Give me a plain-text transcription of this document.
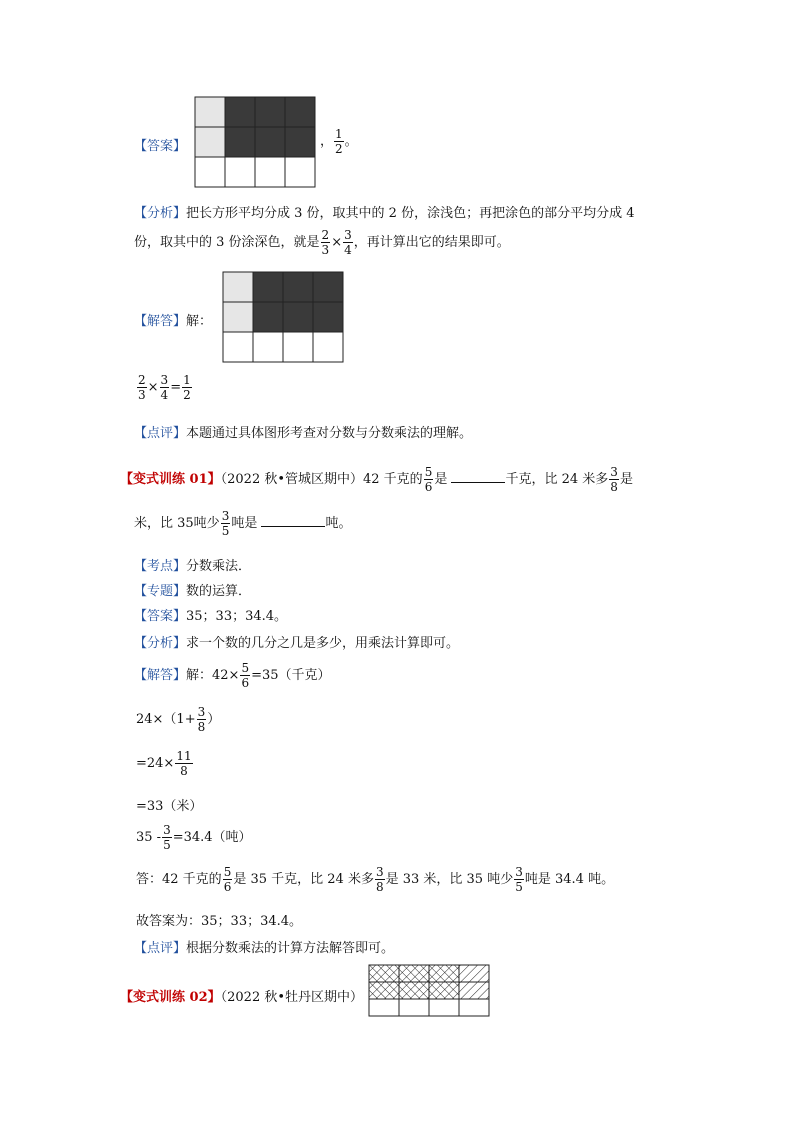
【答案】	， $\frac{1}{2}$ 。
【分析】把长方形平均分成 3 份，取其中的 2 份，涂浅色；再把涂色的部分平均分成 4
份，取其中的 3 份涂深色，就是 $\frac{2}{3} \times \frac{3}{4}$ ，再计算出它的结果即可。
【解答】解：
$\frac{2}{3} \times \frac{3}{4} = \frac{1}{2}$
【点评】本题通过具体图形考查对分数与分数乘法的理解。
【变式训练 01】（2022 秋•管城区期中）42 千克的 $\frac{5}{6}$ 是	千克，比 24 米多 $\frac{3}{8}$ 是
米，比 35吨少 $\frac{3}{5}$ 吨是	吨。
【考点】分数乘法．
【专题】数的运算．
【答案】35；33；34.4。
【分析】求一个数的几分之几是多少，用乘法计算即可。
【解答】解：$42\times \frac{5}{6} =35$（千克）
$24\times(1+ \frac{3}{8}$ ）
$=24\times \frac{11}{8}$
=33（米）
$35 - \frac{3}{5} =34.4$（吨）
答：42 千克的 $\frac{5}{6}$ 是 35 千克，比 24 米多 $\frac{3}{8}$ 是 33 米，比 35 吨少 $\frac{3}{5}$ 吨是 34.4 吨。
故答案为：35；33；34.4。
【点评】根据分数乘法的计算方法解答即可。
【变式训练 02】（2022 秋•牡丹区期中）
